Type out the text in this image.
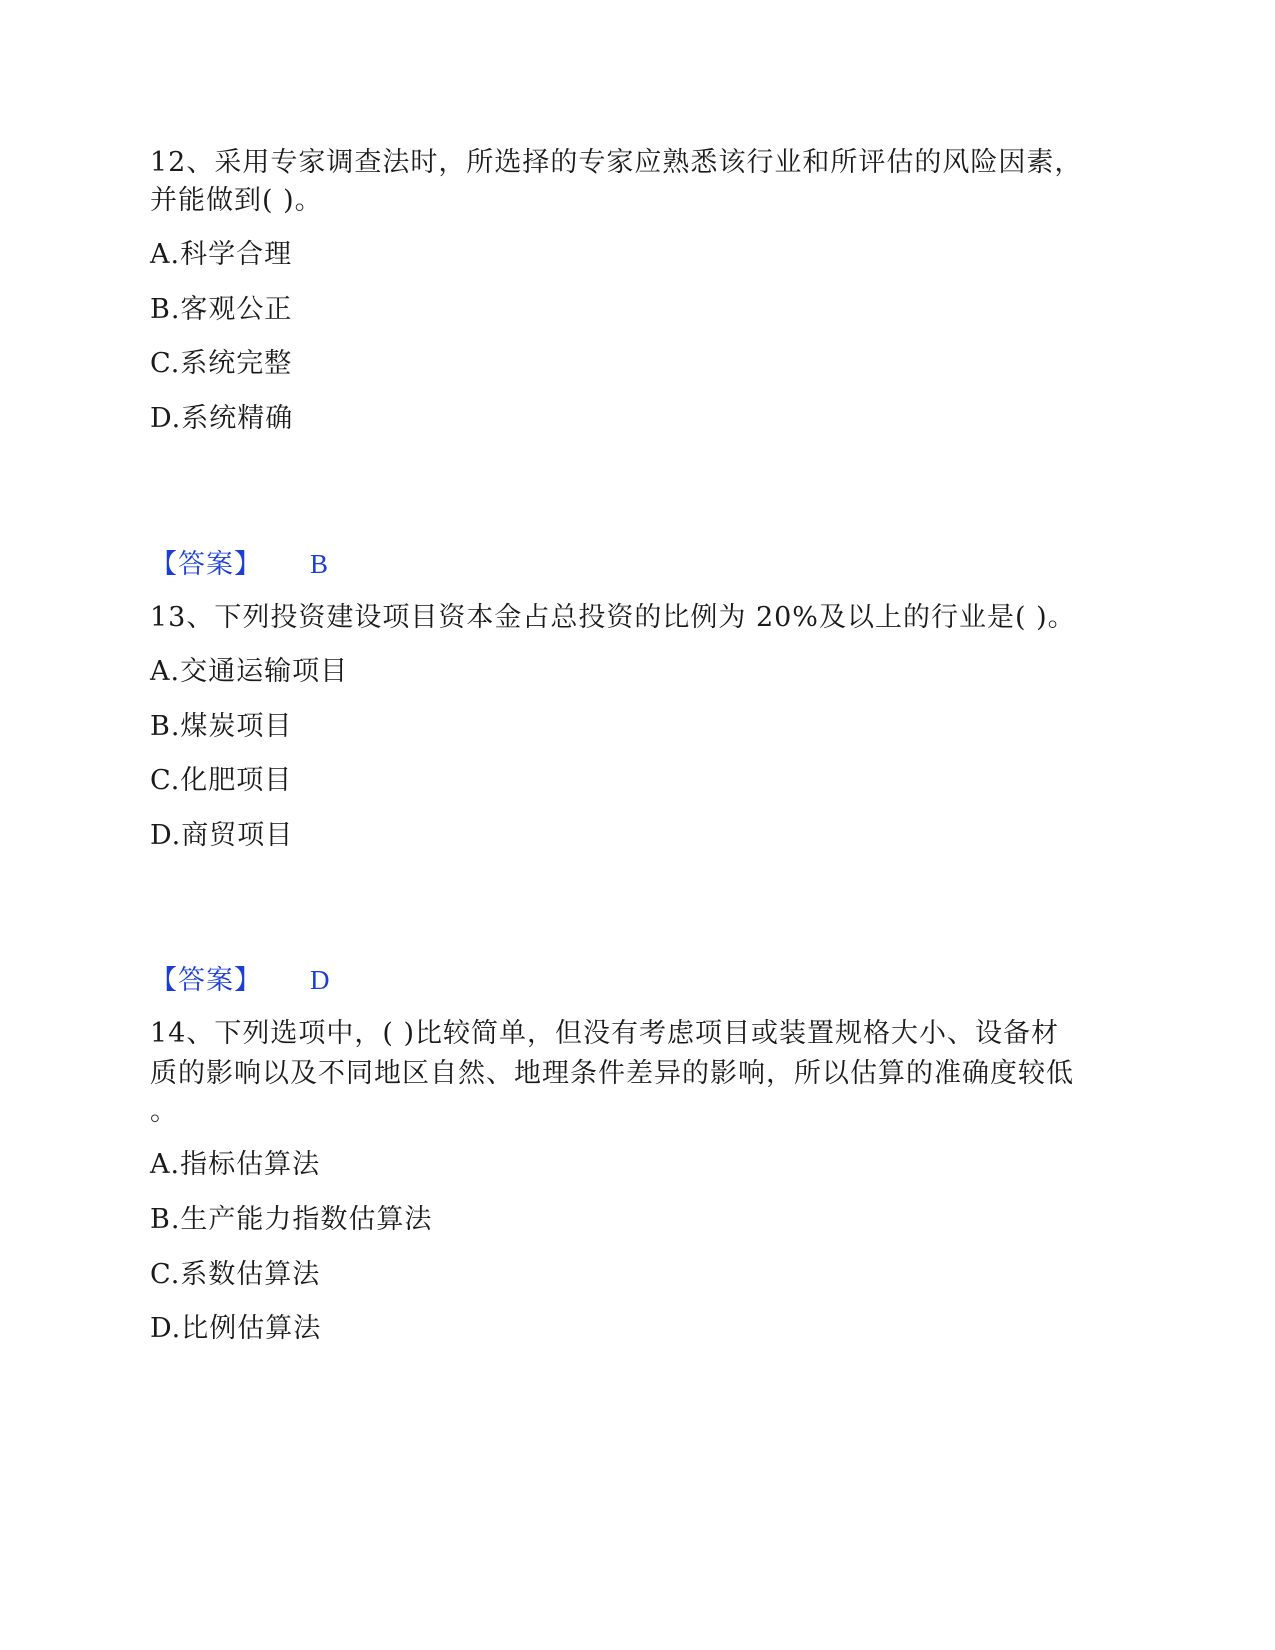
12、采用专家调查法时，所选择的专家应熟悉该行业和所评估的风险因素，
并能做到( )。
A.科学合理
B.客观公正
C.系统完整
D.系统精确
【答案】 B
13、下列投资建设项目资本金占总投资的比例为 20%及以上的行业是( )。
A.交通运输项目
B.煤炭项目
C.化肥项目
D.商贸项目
【答案】 D
14、下列选项中，( )比较简单，但没有考虑项目或装置规格大小、设备材
质的影响以及不同地区自然、地理条件差异的影响，所以估算的准确度较低
。
A.指标估算法
B.生产能力指数估算法
C.系数估算法
D.比例估算法
